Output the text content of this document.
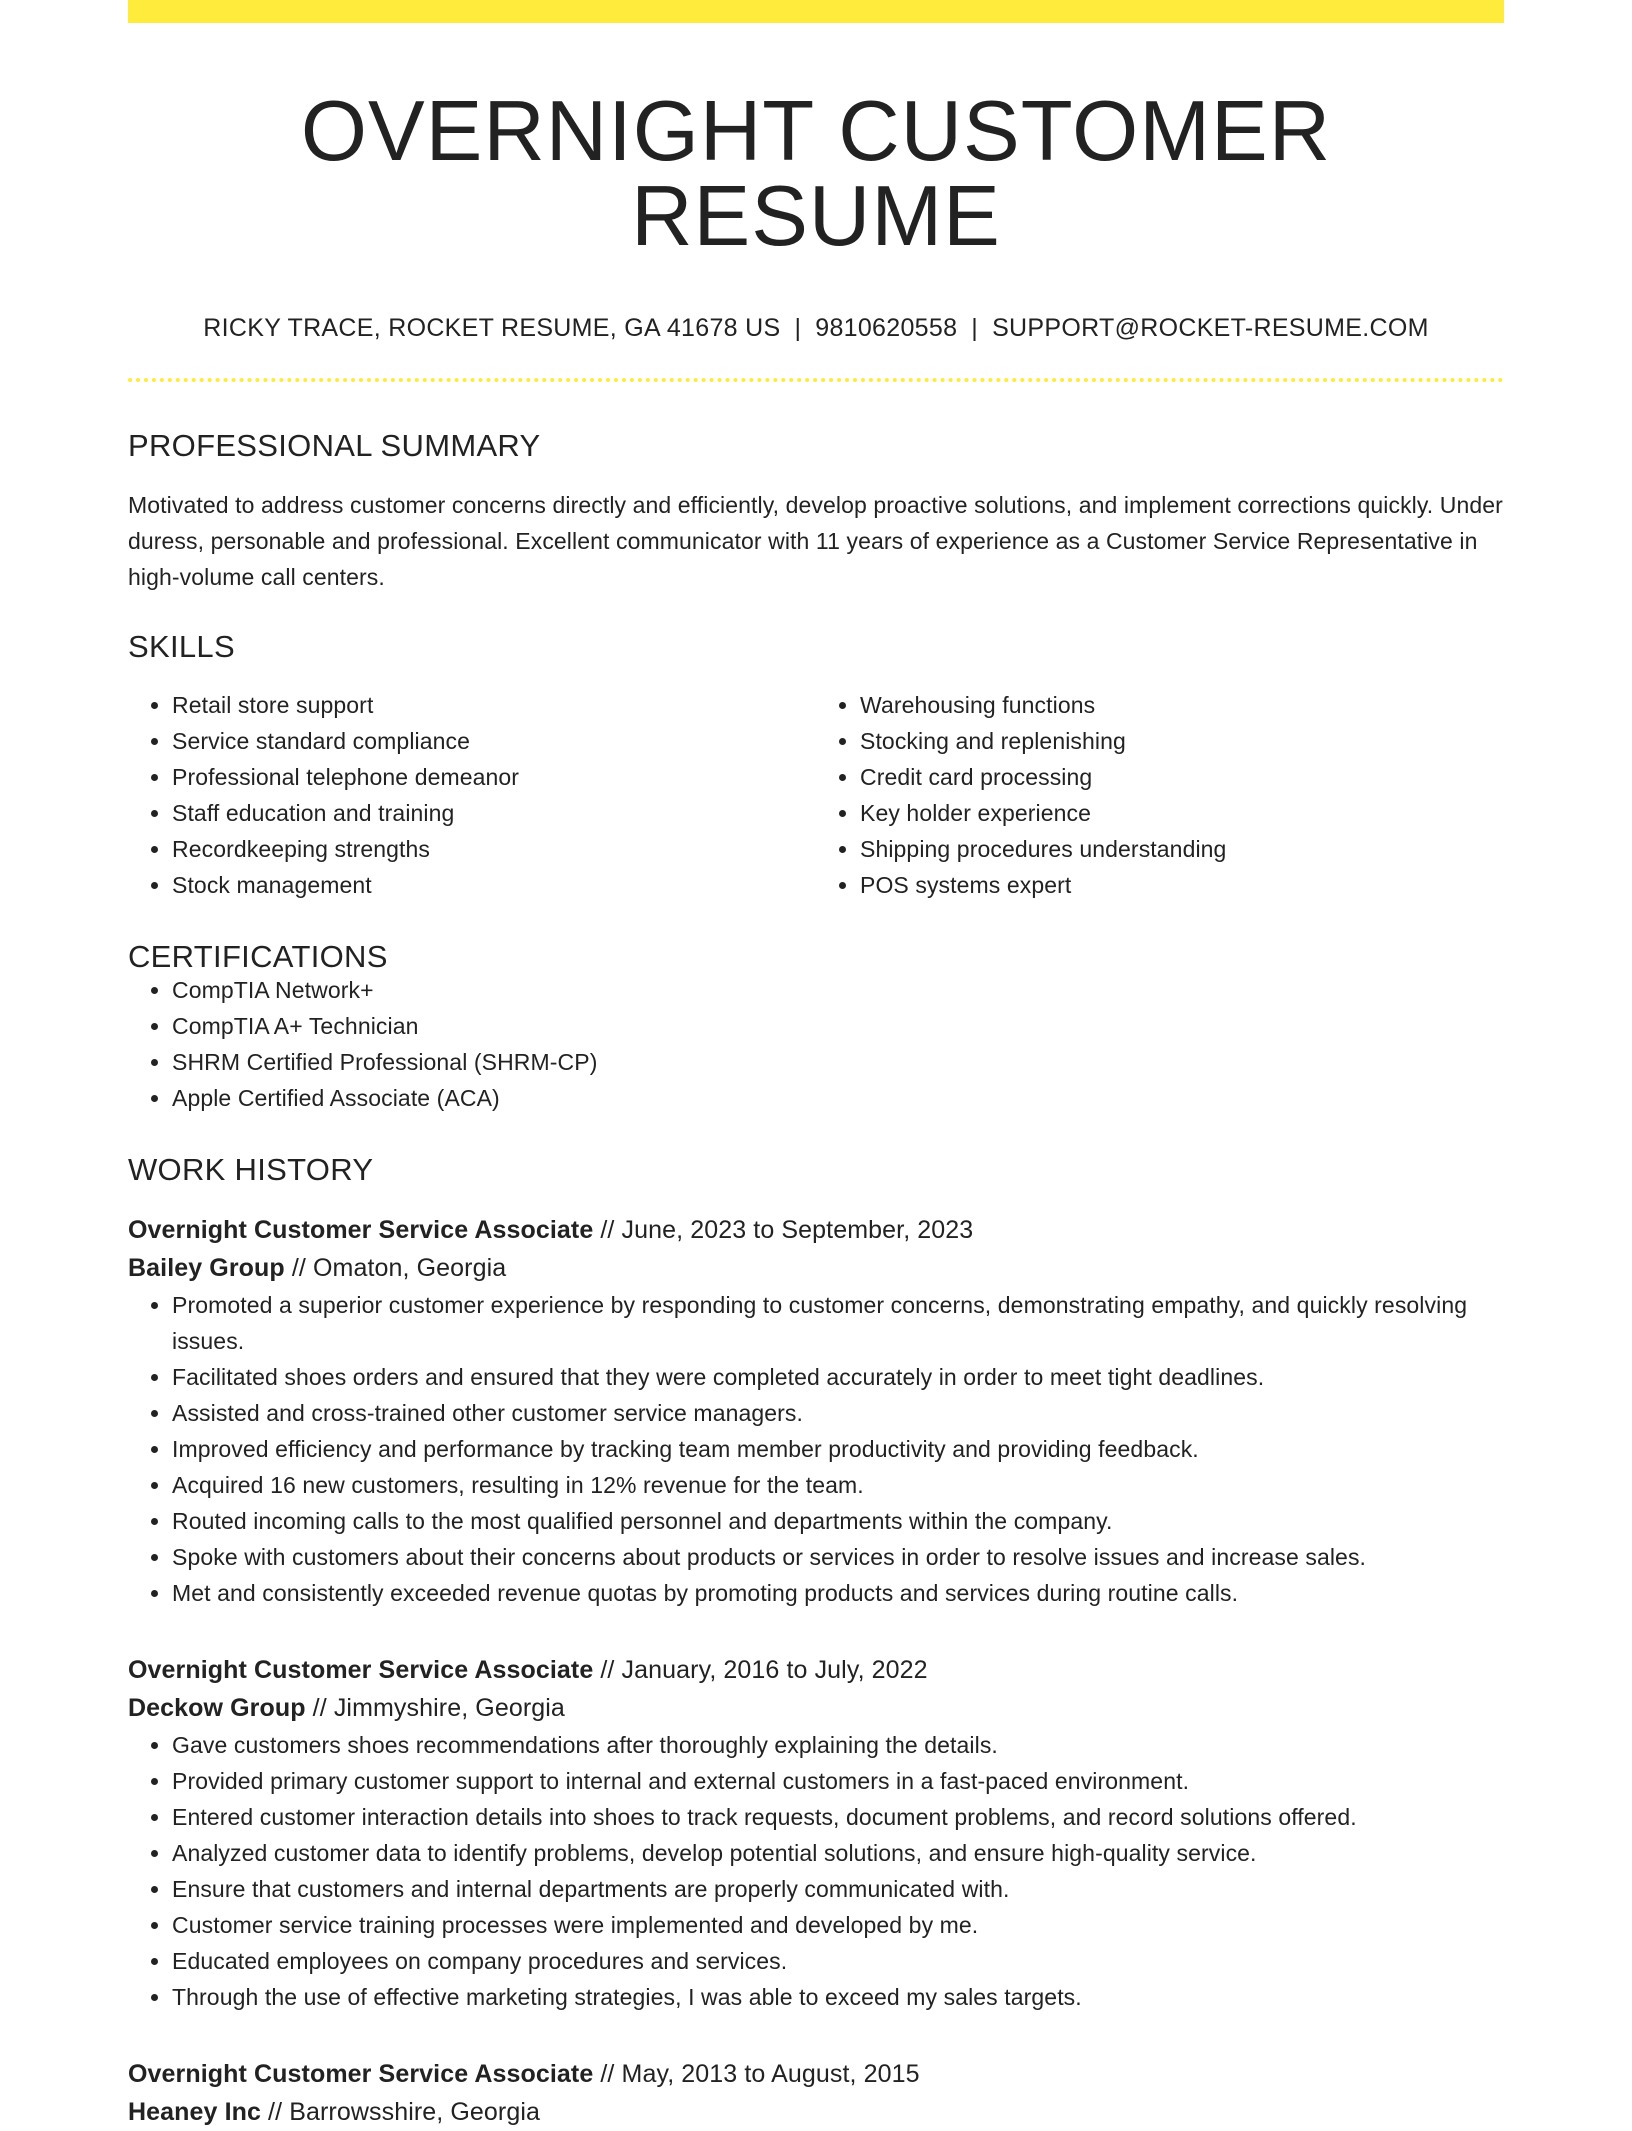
OVERNIGHT CUSTOMER RESUME
RICKY TRACE, ROCKET RESUME, GA 41678 US | 9810620558 | SUPPORT@ROCKET-RESUME.COM
PROFESSIONAL SUMMARY

Motivated to address customer concerns directly and efficiently, develop proactive solutions, and implement corrections quickly. Under duress, personable and professional. Excellent communicator with 11 years of experience as a Customer Service Representative in high-volume call centers.

SKILLS
• Retail store support
• Service standard compliance
• Professional telephone demeanor
• Staff education and training
• Recordkeeping strengths
• Stock management
• Warehousing functions
• Stocking and replenishing
• Credit card processing
• Key holder experience
• Shipping procedures understanding
• POS systems expert
CERTIFICATIONS
• CompTIA Network+
• CompTIA A+ Technician
• SHRM Certified Professional (SHRM-CP)
• Apple Certified Associate (ACA)
WORK HISTORY
Overnight Customer Service Associate // June, 2023 to September, 2023
Bailey Group // Omaton, Georgia
• Promoted a superior customer experience by responding to customer concerns, demonstrating empathy, and quickly resolving issues.
• Facilitated shoes orders and ensured that they were completed accurately in order to meet tight deadlines.
• Assisted and cross-trained other customer service managers.
• Improved efficiency and performance by tracking team member productivity and providing feedback.
• Acquired 16 new customers, resulting in 12% revenue for the team.
• Routed incoming calls to the most qualified personnel and departments within the company.
• Spoke with customers about their concerns about products or services in order to resolve issues and increase sales.
• Met and consistently exceeded revenue quotas by promoting products and services during routine calls.
Overnight Customer Service Associate // January, 2016 to July, 2022
Deckow Group // Jimmyshire, Georgia
• Gave customers shoes recommendations after thoroughly explaining the details.
• Provided primary customer support to internal and external customers in a fast-paced environment.
• Entered customer interaction details into shoes to track requests, document problems, and record solutions offered.
• Analyzed customer data to identify problems, develop potential solutions, and ensure high-quality service.
• Ensure that customers and internal departments are properly communicated with.
• Customer service training processes were implemented and developed by me.
• Educated employees on company procedures and services.
• Through the use of effective marketing strategies, I was able to exceed my sales targets.
Overnight Customer Service Associate // May, 2013 to August, 2015
Heaney Inc // Barrowsshire, Georgia
